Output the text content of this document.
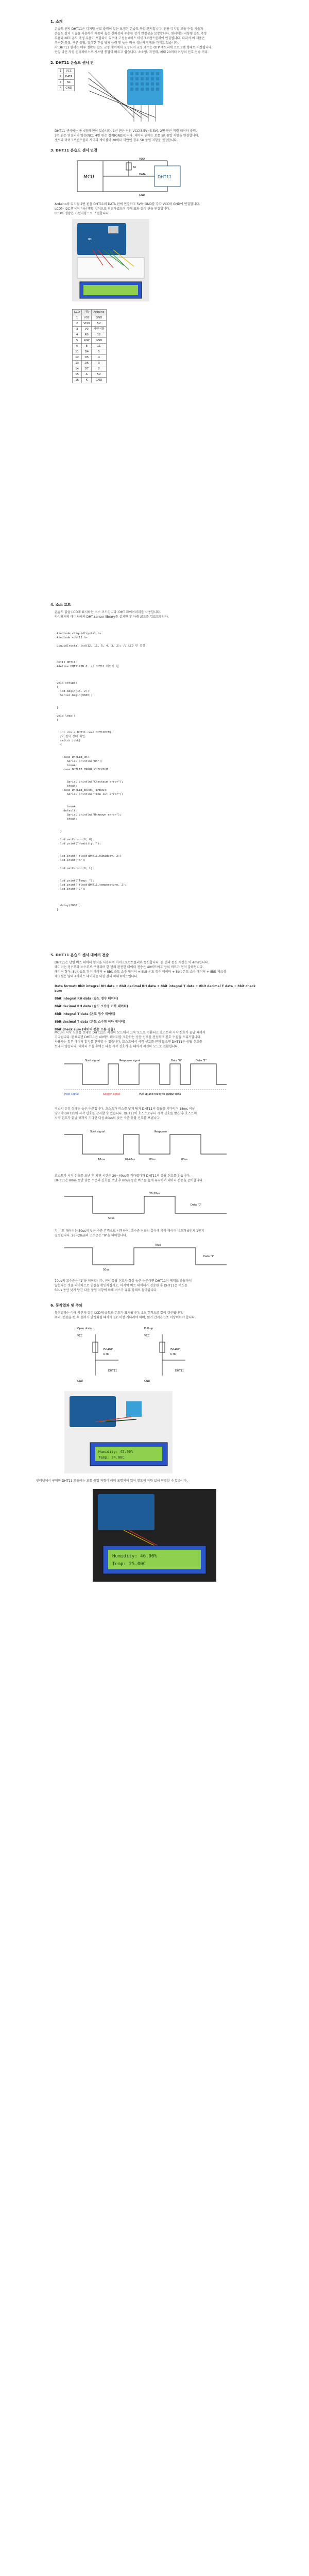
1. 소개
온습도 센서 DHT11은 디지털 신호 출력이 있는 보정된 온습도 복합 센서입니다. 전용 디지털 모듈 수집 기술과
온습도 감지 기술을 사용하여 제품의 높은 신뢰성과 우수한 장기 안정성을 보장합니다. 센서에는 저항형 습도 측정
부품과 NTC 온도 측정 부품이 포함되어 있으며 고성능 8비트 마이크로컨트롤러에 연결됩니다. 따라서 이 제품은
우수한 품질, 빠른 응답, 강력한 간섭 방지 능력 및 높은 비용 성능의 장점을 가지고 있습니다.
각 DHT11 센서는 매우 정확한 습도 교정 챔버에서 교정되며 교정 계수는 OTP 메모리에 프로그램 형태로 저장됩니다.
단일 라인 직렬 인터페이스로 시스템 통합이 빠르고 쉽습니다. 초소형, 저전력, 최대 20미터 이상의 신호 전송 거리.
2. DHT11 온습도 센서 핀
1	VCC
2	DATA
3	NC
4	GND
DHT11 센서에는 총 4개의 핀이 있습니다. 1번 핀은 전원 VCC(3.5V~5.5V), 2번 핀은 직렬 데이터 출력,
3번 핀은 연결되지 않음(NC), 4번 핀은 접지(GND)입니다. 데이터 핀에는 보통 5K 풀업 저항을 연결합니다.
센서와 마이크로컨트롤러 사이의 케이블이 20미터 미만인 경우 5K 풀업 저항을 권장합니다.
3. DHT11 온습도 센서 연결
MCU	DHT11
5K
VDD
GND
DATA
Arduino의 디지털 2번 핀을 DHT11의 DATA 핀에 연결하고 5V와 GND를 각각 VCC와 GND에 연결합니다.
LCD는 I2C 방식이 아닌 병렬 방식으로 연결하였으며 아래 표와 같이 핀을 연결합니다.
LCD의 명암은 가변저항으로 조절합니다.
∞
LCD	기능	Arduino
1	VSS	GND
2	VDD	5V
3	V0	가변저항
4	RS	12
5	R/W	GND
6	E	11
11	D4	5
12	D5	4
13	D6	3
14	D7	2
15	A	5V
16	K	GND
4. 소스 코드
온습도 값을 LCD에 표시하는 소스 코드입니다. DHT 라이브러리를 사용합니다.
라이브러리 매니저에서 DHT sensor library를 설치한 후 아래 코드를 업로드합니다.

#include <LiquidCrystal.h>
#include <dht11.h>
LiquidCrystal lcd(12, 11, 5, 4, 3, 2); // LCD 핀 설정

dht11 DHT11;
#define DHT11PIN 8  // DHT11 데이터 핀

void setup()
{
lcd.begin(16, 2);
Serial.begin(9600);

}
void loop()
{

int chk = DHT11.read(DHT11PIN);
// 센서 상태 확인
switch (chk)
{

case DHTLIB_OK:
Serial.println("OK");
break;
case DHTLIB_ERROR_CHECKSUM:

Serial.println("Checksum error");
break;
case DHTLIB_ERROR_TIMEOUT:
Serial.println("Time out error");

break;
default:
Serial.println("Unknown error");
break;

}
lcd.setCursor(0, 0);
lcd.print("Humidity: ");

lcd.print((float)DHT11.humidity, 2);
lcd.print("%");
lcd.setCursor(0, 1);

lcd.print("Temp: ");
lcd.print((float)DHT11.temperature, 2);
lcd.print("C");

delay(2000);
}

5. DHT11 온습도 센서 데이터 전송
DHT11은 단일 버스 데이터 형식을 사용하여 마이크로컨트롤러와 통신합니다. 한 번의 통신 시간은 약 4ms입니다.
데이터는 정수부와 소수부로 구성되며 한 번의 완전한 데이터 전송은 40비트이고 상위 비트가 먼저 출력됩니다.
데이터 형식: 8bit 습도 정수 데이터 + 8bit 습도 소수 데이터 + 8bit 온도 정수 데이터 + 8bit 온도 소수 데이터 + 8bit 체크섬
체크섬은 앞의 4바이트 데이터를 더한 값의 하위 8비트입니다.
Data format: 8bit integral RH data + 8bit decimal RH data + 8bit integral T data + 8bit decimal T data + 8bit check sum
8bit integral RH data (습도 정수 데이터)
8bit decimal RH data (습도 소수점 이하 데이터)
8bit integral T data (온도 정수 데이터)
8bit decimal T data (온도 소수점 이하 데이터)
8bit check sum (데이터 전송 오류 검출)
MCU가 시작 신호를 보내면 DHT11은 저전력 모드에서 고속 모드로 전환되고 호스트의 시작 신호가 끝날 때까지
기다립니다. 완료되면 DHT11은 40비트 데이터를 포함하는 응답 신호를 전송하고 신호 수집을 트리거합니다.
사용자는 일부 데이터 읽기를 선택할 수 있습니다. 호스트에서 시작 신호를 받지 않으면 DHT11은 응답 신호를
보내지 않습니다. 데이터 수집 후에는 다음 시작 신호가 올 때까지 저전력 모드로 전환됩니다.
Start signal	Response signal
Pull up and ready to output data
Data "0"	Data "1"
Host signal	Sensor signal
버스의 유휴 상태는 높은 수준입니다. 호스트가 버스를 낮게 당겨 DHT11의 응답을 기다리며 18ms 이상
당겨야 DHT11이 시작 신호를 감지할 수 있습니다. DHT11이 호스트로부터 시작 신호를 받은 후 호스트의
시작 신호가 끝날 때까지 기다린 다음 80us의 낮은 수준 응답 신호를 보냅니다.
Start signal	Response
18ms	20-40us	80us	80us
호스트가 시작 신호를 보낸 후 지연 시간은 20~40us를 기다렸다가 DHT11의 응답 신호를 읽습니다.
DHT11은 80us 동안 낮은 수준의 신호를 보낸 후 80us 동안 버스를 높게 유지하여 데이터 전송을 준비합니다.
50us
26-28us
Data "0"
각 비트 데이터는 50us의 낮은 수준 간격으로 시작하며, 고수준 신호의 길이에 따라 데이터 비트가 0인지 1인지
결정됩니다. 26~28us의 고수준은 "0"을 의미합니다.
50us
70us
Data "1"
70us의 고수준은 "1"을 의미합니다. 센서 응답 신호가 항상 높은 수준이면 DHT11이 제대로 응답하지
않는다는 것을 의미하므로 연결을 확인하십시오. 마지막 비트 데이터가 전송된 후 DHT11은 버스를
50us 동안 낮게 당긴 다음 풀업 저항에 의해 버스가 유휴 상태로 돌아갑니다.
6. 동작결과 및 주의
동작결과는 아래 사진과 같이 LCD에 습도와 온도가 표시됩니다. 2초 간격으로 값이 갱신됩니다.
주의: 전원을 켠 후 센서가 안정화될 때까지 1초 이상 기다려야 하며, 읽기 간격은 1초 이상이어야 합니다.
Open drain	Pull-up
VCC	VCC
PULLUP	PULLUP
4.7K	4.7K
GND	GND
DHT11	DHT11
Humidity: 45.00%
Temp: 24.00C
인터넷에서 구매한 DHT11 모듈에는 보통 풀업 저항이 이미 포함되어 있어 별도의 저항 없이 연결할 수 있습니다.
Humidity: 46.00%
Temp: 25.00C
